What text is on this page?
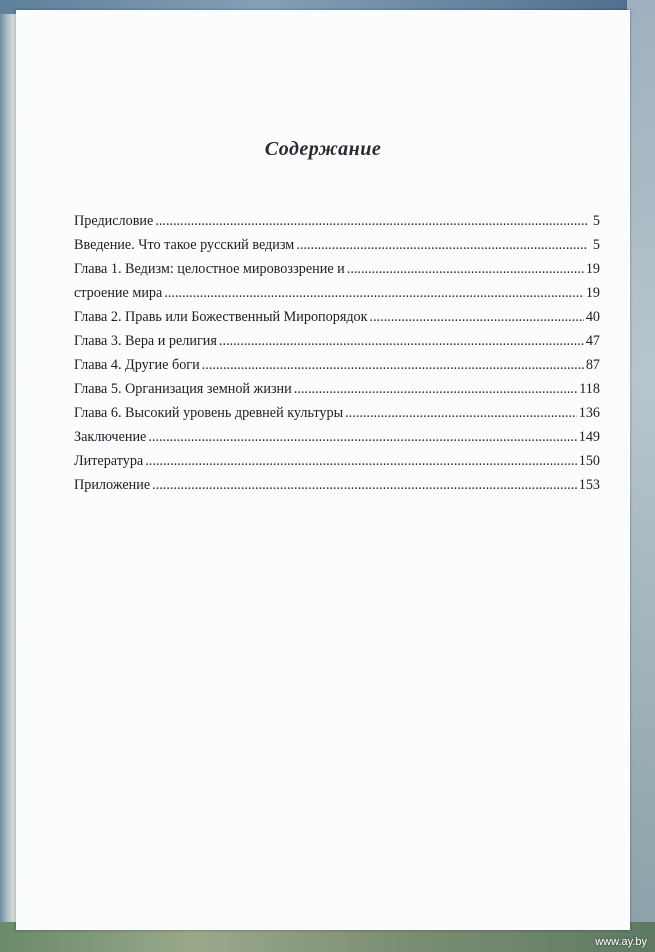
Содержание
Предисловие .....	5
Введение. Что такое русский ведизм .....	5
Глава 1. Ведизм: целостное мировоззрение и .....	19
строение мира .....	19
Глава 2. Правь или Божественный Миропорядок .....	40
Глава 3. Вера и религия .....	47
Глава 4. Другие боги .....	87
Глава 5. Организация земной жизни .....	118
Глава 6. Высокий уровень древней культуры .....	136
Заключение .....	149
Литература .....	150
Приложение .....	153
www.ay.by
